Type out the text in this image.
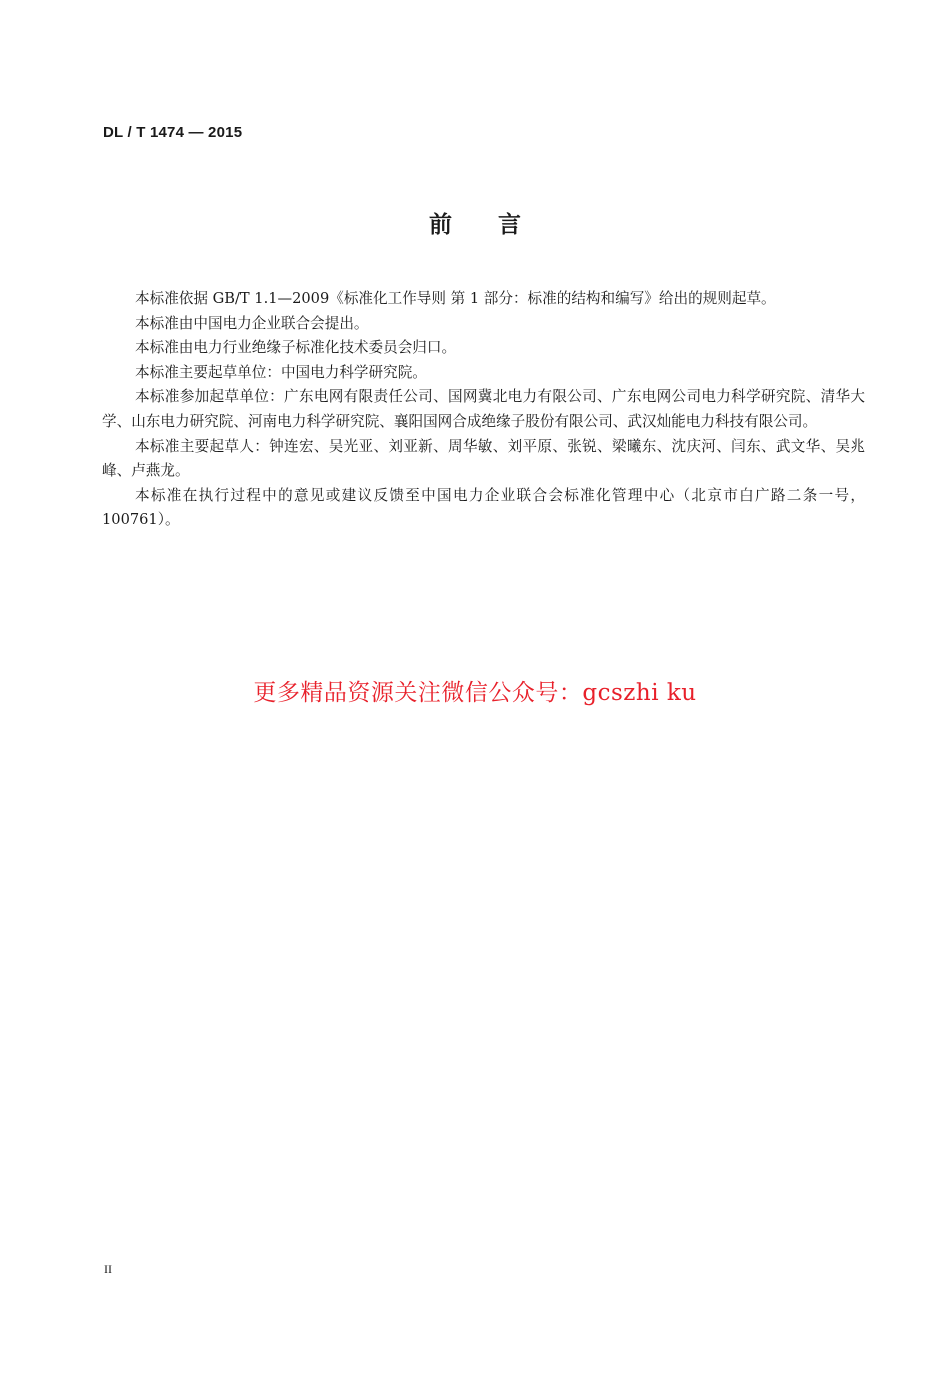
DL / T 1474 — 2015
前言

本标准依据 GB/T 1.1—2009《标准化工作导则 第 1 部分：标准的结构和编写》给出的规则起草。

本标准由中国电力企业联合会提出。

本标准由电力行业绝缘子标准化技术委员会归口。

本标准主要起草单位：中国电力科学研究院。

本标准参加起草单位：广东电网有限责任公司、国网冀北电力有限公司、广东电网公司电力科学研究院、清华大学、山东电力研究院、河南电力科学研究院、襄阳国网合成绝缘子股份有限公司、武汉灿能电力科技有限公司。

本标准主要起草人：钟连宏、吴光亚、刘亚新、周华敏、刘平原、张锐、梁曦东、沈庆河、闫东、武文华、吴兆峰、卢燕龙。

本标准在执行过程中的意见或建议反馈至中国电力企业联合会标准化管理中心（北京市白广路二条一号，100761）。

更多精品资源关注微信公众号：gcszhi ku
II
